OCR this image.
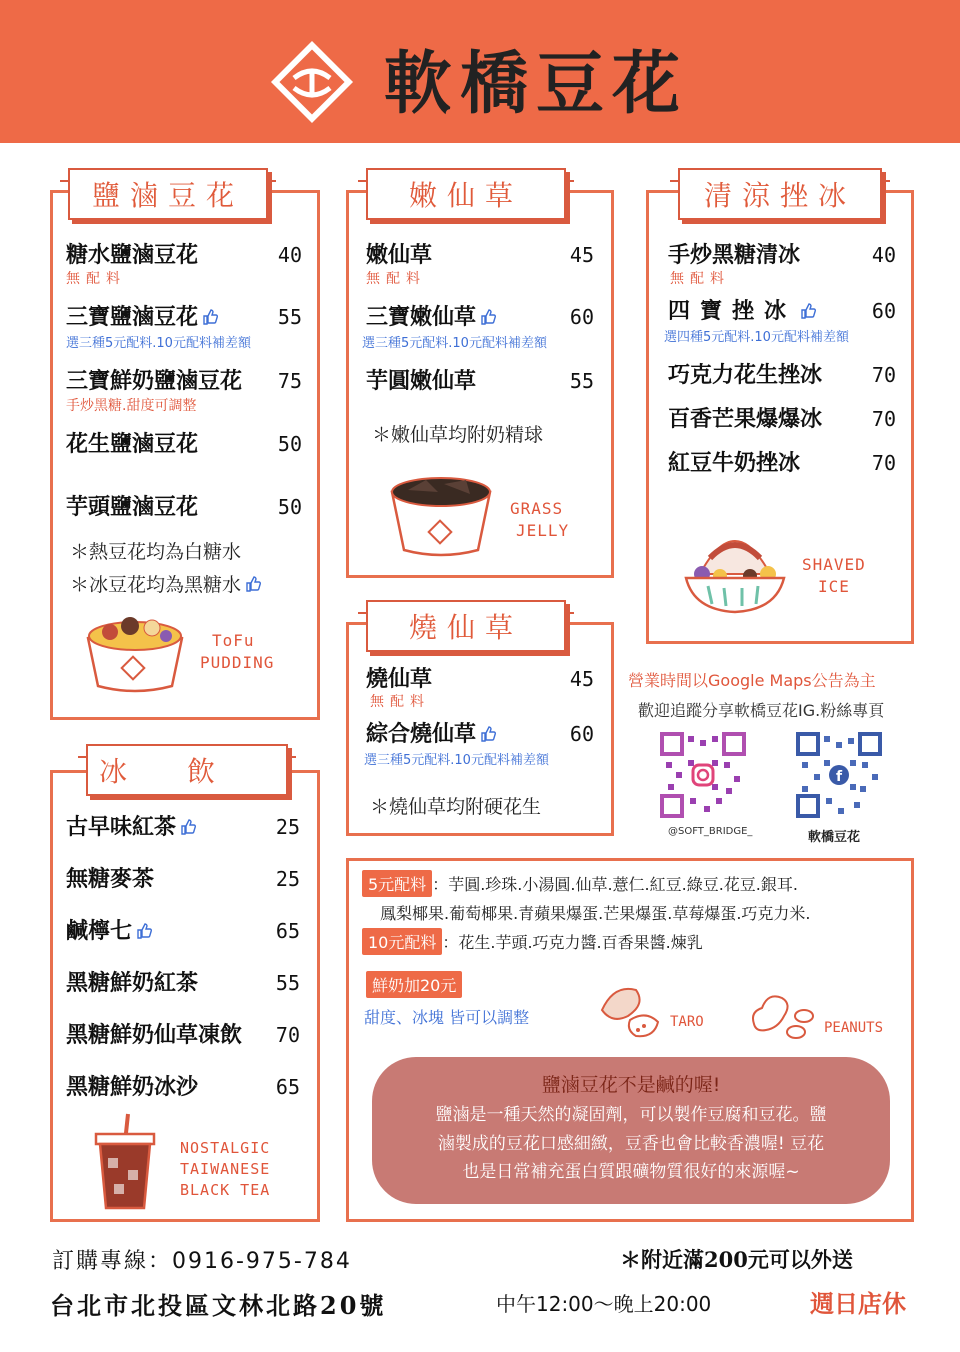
軟橋豆花
鹽滷豆花
糖水鹽滷豆花	40
無配料
三寶鹽滷豆花	55
選三種5元配料.10元配料補差額
三寶鮮奶鹽滷豆花 75
手炒黑糖.甜度可調整
花生鹽滷豆花	50
芋頭鹽滷豆花	50
＊熱豆花均為白糖水
＊冰豆花均為黑糖水
ToFu
PUDDING
嫩仙草
嫩仙草	45
無配料
三寶嫩仙草	60
選三種5元配料.10元配料補差額
芋圓嫩仙草	55
＊嫩仙草均附奶精球
GRASS
JELLY
清涼挫冰
手炒黑糖清冰	40
無配料
四寶挫冰	60
選四種5元配料.10元配料補差額
巧克力花生挫冰 70
百香芒果爆爆冰 70
紅豆牛奶挫冰	70
SHAVED
ICE
燒仙草
燒仙草	45
無配料
綜合燒仙草	60
選三種5元配料.10元配料補差額
＊燒仙草均附硬花生
營業時間以Google Maps公告為主
歡迎追蹤分享軟橋豆花IG.粉絲專頁
@SOFT_BRIDGE_
f
軟橋豆花
冰飲
古早味紅茶	25
無糖麥茶	25
鹹檸七	65
黑糖鮮奶紅茶	55
黑糖鮮奶仙草凍飲 70
黑糖鮮奶冰沙	65
NOSTALGIC
TAIWANESE
BLACK TEA
5元配料 ：芋圓.珍珠.小湯圓.仙草.薏仁.紅豆.綠豆.花豆.銀耳.
鳳梨椰果.葡萄椰果.青蘋果爆蛋.芒果爆蛋.草莓爆蛋.巧克力米.
10元配料 ：花生.芋頭.巧克力醬.百香果醬.煉乳
鮮奶加20元
甜度、冰塊 皆可以調整	TARO	PEANUTS
鹽滷豆花不是鹹的喔!
鹽滷是一種天然的凝固劑，可以製作豆腐和豆花。鹽
滷製成的豆花口感細緻，豆香也會比較香濃喔! 豆花
也是日常補充蛋白質跟礦物質很好的來源喔~
訂購專線：0916-975-784
台北市北投區文林北路20號
＊附近滿200元可以外送
中午12:00～晚上20:00	週日店休
